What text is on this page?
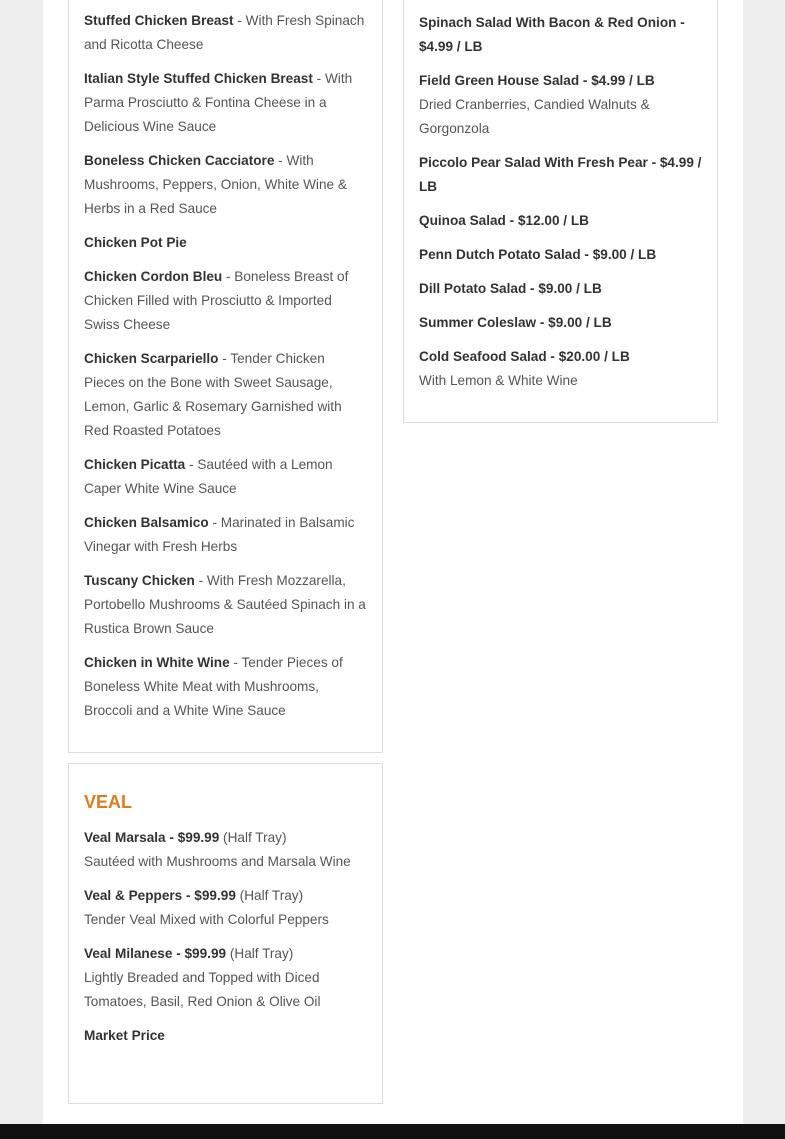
Stuffed Chicken Breast - With Fresh Spinach and Ricotta Cheese
Italian Style Stuffed Chicken Breast - With Parma Prosciutto & Fontina Cheese in a Delicious Wine Sauce
Boneless Chicken Cacciatore - With Mushrooms, Peppers, Onion, White Wine & Herbs in a Red Sauce
Chicken Pot Pie
Chicken Cordon Bleu - Boneless Breast of Chicken Filled with Prosciutto & Imported Swiss Cheese
Chicken Scarpariello - Tender Chicken Pieces on the Bone with Sweet Sausage, Lemon, Garlic & Rosemary Garnished with Red Roasted Potatoes
Chicken Picatta - Sautéed with a Lemon Caper White Wine Sauce
Chicken Balsamico - Marinated in Balsamic Vinegar with Fresh Herbs
Tuscany Chicken - With Fresh Mozzarella, Portobello Mushrooms & Sautéed Spinach in a Rustica Brown Sauce
Chicken in White Wine - Tender Pieces of Boneless White Meat with Mushrooms, Broccoli and a White Wine Sauce
VEAL
Veal Marsala - $99.99 (Half Tray)
Sautéed with Mushrooms and Marsala Wine
Veal & Peppers - $99.99 (Half Tray)
Tender Veal Mixed with Colorful Peppers
Veal Milanese - $99.99 (Half Tray)
Lightly Breaded and Topped with Diced Tomatoes, Basil, Red Onion & Olive Oil
Market Price
Spinach Salad With Bacon & Red Onion - $4.99 / LB
Field Green House Salad - $4.99 / LB
Dried Cranberries, Candied Walnuts & Gorgonzola
Piccolo Pear Salad With Fresh Pear - $4.99 / LB
Quinoa Salad - $12.00 / LB
Penn Dutch Potato Salad - $9.00 / LB
Dill Potato Salad - $9.00 / LB
Summer Coleslaw - $9.00 / LB
Cold Seafood Salad - $20.00 / LB
With Lemon & White Wine
